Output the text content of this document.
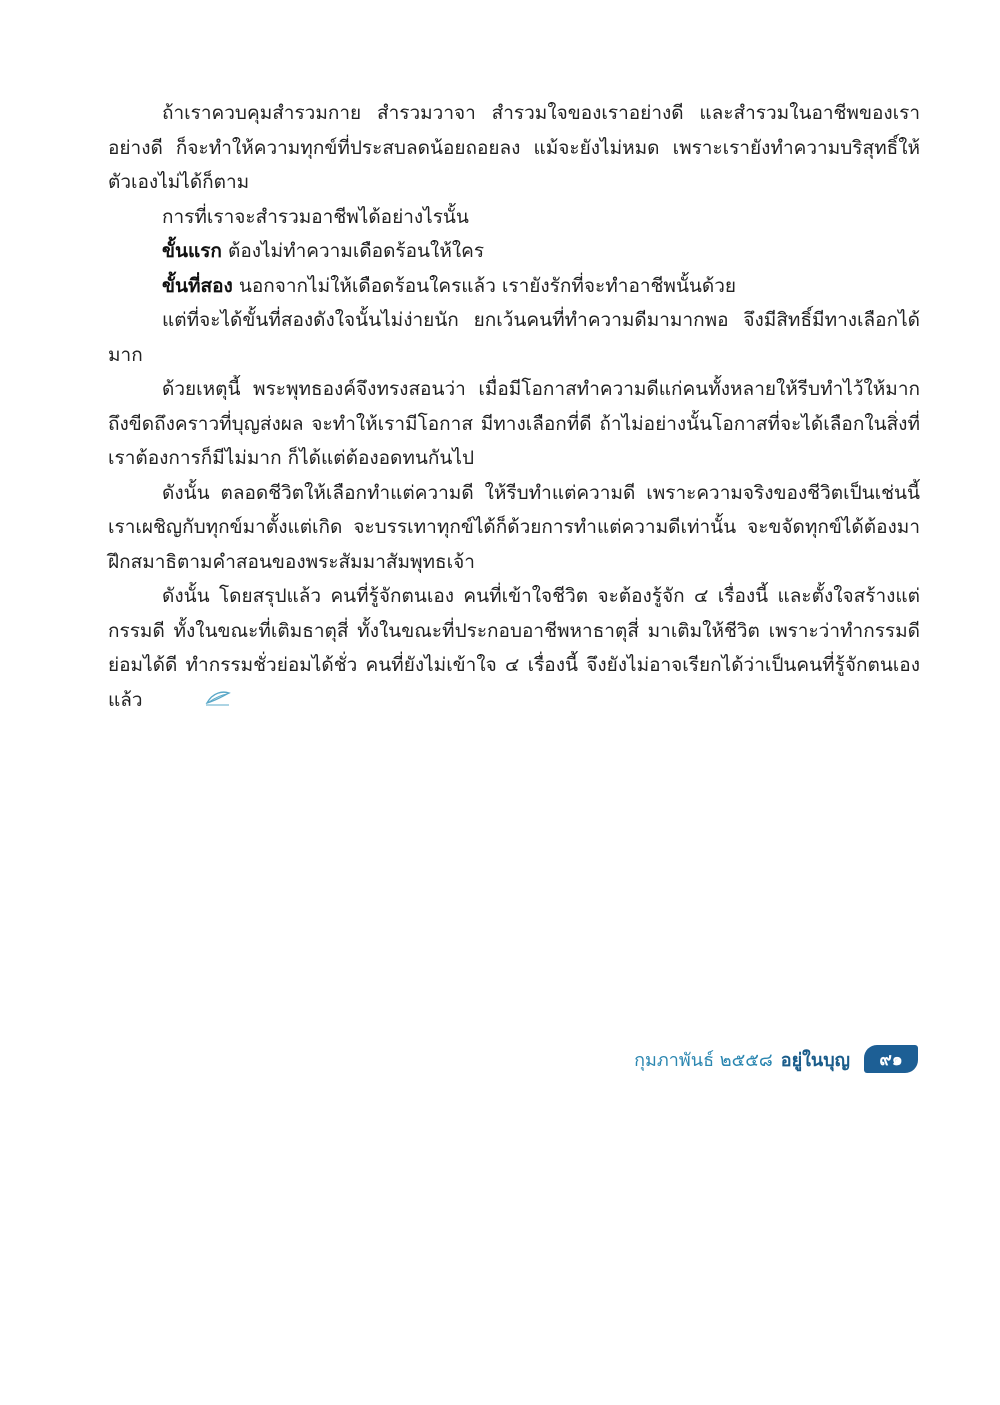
ถ้าเราควบคุมสำรวมกาย สำรวมวาจา สำรวมใจของเราอย่างดี และสำรวมในอาชีพของเราอย่างดี ก็จะทำให้ความทุกข์ที่ประสบลดน้อยถอยลง แม้จะยังไม่หมด เพราะเรายังทำความบริสุทธิ์ให้ตัวเองไม่ได้ก็ตาม

การที่เราจะสำรวมอาชีพได้อย่างไรนั้น

ขั้นแรก ต้องไม่ทำความเดือดร้อนให้ใคร

ขั้นที่สอง นอกจากไม่ให้เดือดร้อนใครแล้ว เรายังรักที่จะทำอาชีพนั้นด้วย

แต่ที่จะได้ขั้นที่สองดังใจนั้นไม่ง่ายนัก ยกเว้นคนที่ทำความดีมามากพอ จึงมีสิทธิ์มีทางเลือกได้มาก

ด้วยเหตุนี้ พระพุทธองค์จึงทรงสอนว่า เมื่อมีโอกาสทำความดีแก่คนทั้งหลายให้รีบทำไว้ให้มาก ถึงขีดถึงคราวที่บุญส่งผล จะทำให้เรามีโอกาส มีทางเลือกที่ดี ถ้าไม่อย่างนั้นโอกาสที่จะได้เลือกในสิ่งที่เราต้องการก็มีไม่มาก ก็ได้แต่ต้องอดทนกันไป

ดังนั้น ตลอดชีวิตให้เลือกทำแต่ความดี ให้รีบทำแต่ความดี เพราะความจริงของชีวิตเป็นเช่นนี้ เราเผชิญกับทุกข์มาตั้งแต่เกิด จะบรรเทาทุกข์ได้ก็ด้วยการทำแต่ความดีเท่านั้น จะขจัดทุกข์ได้ต้องมาฝึกสมาธิตามคำสอนของพระสัมมาสัมพุทธเจ้า

ดังนั้น โดยสรุปแล้ว คนที่รู้จักตนเอง คนที่เข้าใจชีวิต จะต้องรู้จัก ๔ เรื่องนี้ และตั้งใจสร้างแต่กรรมดี ทั้งในขณะที่เติมธาตุสี่ ทั้งในขณะที่ประกอบอาชีพหาธาตุสี่ มาเติมให้ชีวิต เพราะว่าทำกรรมดีย่อมได้ดี ทำกรรมชั่วย่อมได้ชั่ว คนที่ยังไม่เข้าใจ ๔ เรื่องนี้ จึงยังไม่อาจเรียกได้ว่าเป็นคนที่รู้จักตนเองแล้ว

กุมภาพันธ์ ๒๕๕๘ อยู่ในบุญ	๙๑
